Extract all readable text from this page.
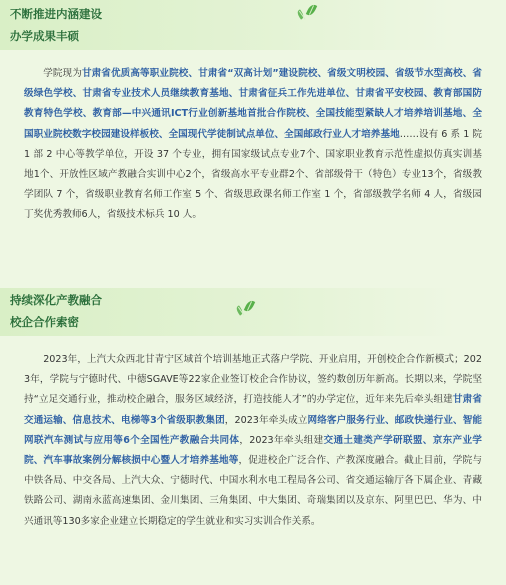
不断推进内涵建设
办学成果丰硕

学院现为甘肃省优质高等职业院校、甘肃省“双高计划”建设院校、省级文明校园、省级节水型高校、省级绿色学校、甘肃省专业技术人员继续教育基地、甘肃省征兵工作先进单位、甘肃省平安校园、教育部国防教育特色学校、教育部—中兴通讯ICT行业创新基地首批合作院校、全国技能型紧缺人才培养培训基地、全国职业院校数字校园建设样板校、全国现代学徒制试点单位、全国邮政行业人才培养基地……设有 6 系 1 院 1 部 2 中心等教学单位，开设 37 个专业，拥有国家级试点专业7个、国家职业教育示范性虚拟仿真实训基地1个、开放性区域产教融合实训中心2个，省级高水平专业群2个、省部级骨干（特色）专业13个，省级教学团队 7 个，省级职业教育名师工作室 5 个、省级思政课名师工作室 1 个，省部级教学名师 4 人，省级园丁奖优秀教师6人，省级技术标兵 10 人。

持续深化产教融合
校企合作索密

2023年，上汽大众西北甘青宁区域首个培训基地正式落户学院、开业启用，开创校企合作新模式；2023年，学院与宁德时代、中德SGAVE等22家企业签订校企合作协议，签约数创历年新高。长期以来，学院坚持“立足交通行业，推动校企融合，服务区域经济，打造技能人才”的办学定位，近年来先后牵头组建甘肃省交通运输、信息技术、电梯等3个省级职教集团，2023年牵头成立网络客户服务行业、邮政快递行业、智能网联汽车测试与应用等6个全国性产教融合共同体，2023年牵头组建交通土建类产学研联盟、京东产业学院、汽车事故案例分解核损中心暨人才培养基地等，促进校企广泛合作、产教深度融合。截止目前，学院与中铁各局、中交各局、上汽大众、宁德时代、中国水利水电工程局各公司、省交通运输厅各下属企业、青藏铁路公司、湖南永蓝高速集团、金川集团、三角集团、中大集团、奇瑞集团以及京东、阿里巴巴、华为、中兴通讯等130多家企业建立长期稳定的学生就业和实习实训合作关系。
